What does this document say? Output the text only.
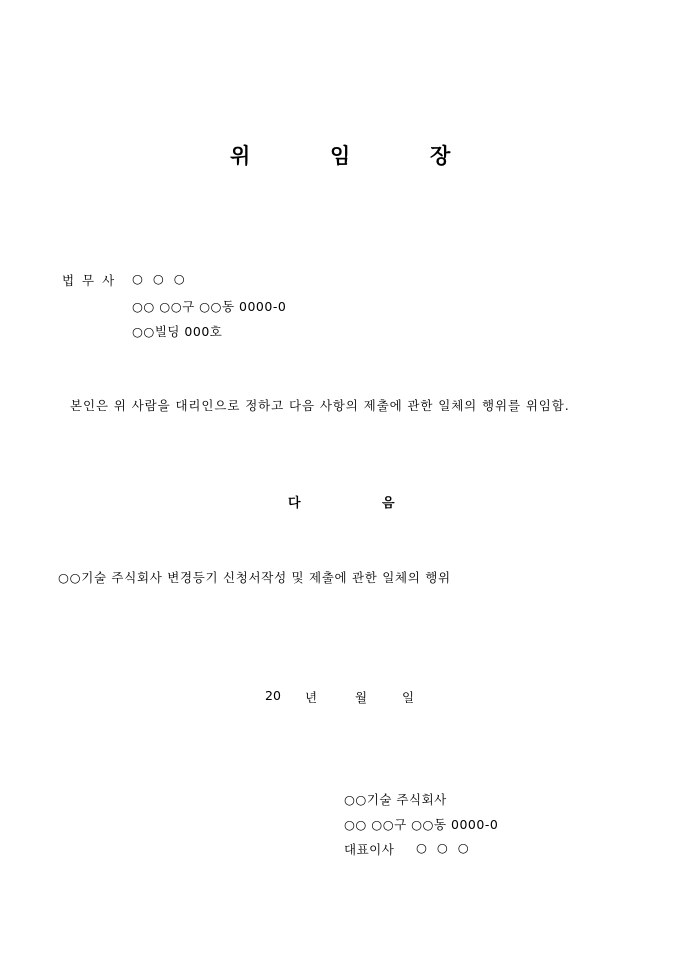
위	임	장
법 무 사 ○ ○ ○
○○ ○○구 ○○동 0000-0
○○빌딩 000호
본인은 위 사람을 대리인으로 정하고 다음 사항의 제출에 관한 일체의 행위를 위임함.
다	음
○○기술 주식회사 변경등기 신청서작성 및 제출에 관한 일체의 행위
20 년	월	일
○○기술 주식회사
○○ ○○구 ○○동 0000-0
대표이사 ○ ○ ○
